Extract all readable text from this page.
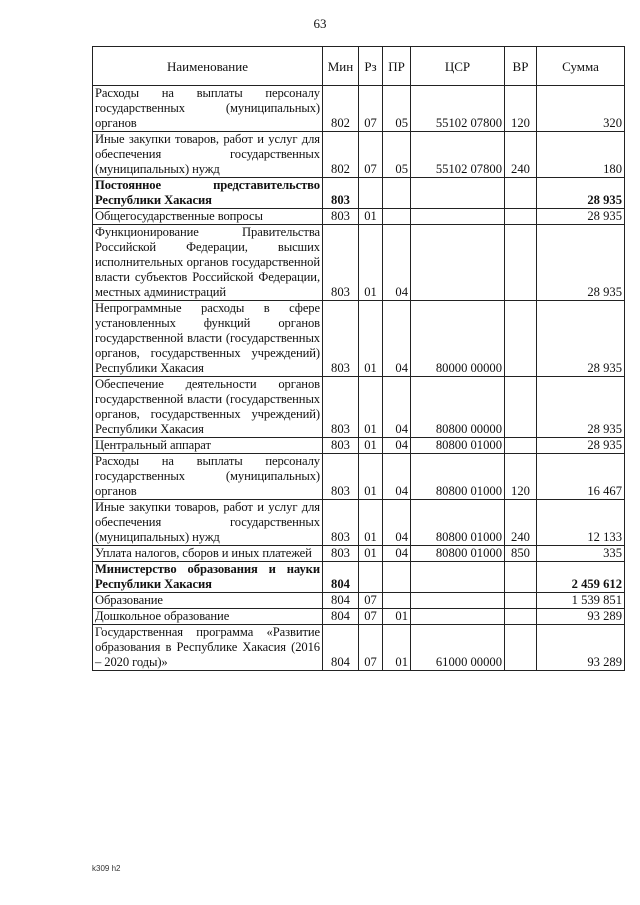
63
Наименование	Мин	Рз	ПР	ЦСР	ВР	Сумма
Расходы на выплаты персоналу государственных (муниципальных) органов	802	07	05	55102 07800	120	320
Иные закупки товаров, работ и услуг для обеспечения государственных (муниципальных) нужд	802	07	05	55102 07800	240	180
Постоянное представительство Республики Хакасия	803					28 935
Общегосударственные вопросы	803	01				28 935
Функционирование Правительства Российской Федерации, высших исполнительных органов государственной власти субъектов Российской Федерации, местных администраций	803	01	04			28 935
Непрограммные расходы в сфере установленных функций органов государственной власти (государственных органов, государственных учреждений) Республики Хакасия	803	01	04	80000 00000		28 935
Обеспечение деятельности органов государственной власти (государственных органов, государственных учреждений) Республики Хакасия	803	01	04	80800 00000		28 935
Центральный аппарат	803	01	04	80800 01000		28 935
Расходы на выплаты персоналу государственных (муниципальных) органов	803	01	04	80800 01000	120	16 467
Иные закупки товаров, работ и услуг для обеспечения государственных (муниципальных) нужд	803	01	04	80800 01000	240	12 133
Уплата налогов, сборов и иных платежей	803	01	04	80800 01000	850	335
Министерство образования и науки Республики Хакасия	804					2 459 612
Образование	804	07				1 539 851
Дошкольное образование	804	07	01			93 289
Государственная программа «Развитие образования в Республике Хакасия (2016 – 2020 годы)»	804	07	01	61000 00000		93 289
k309 h2
